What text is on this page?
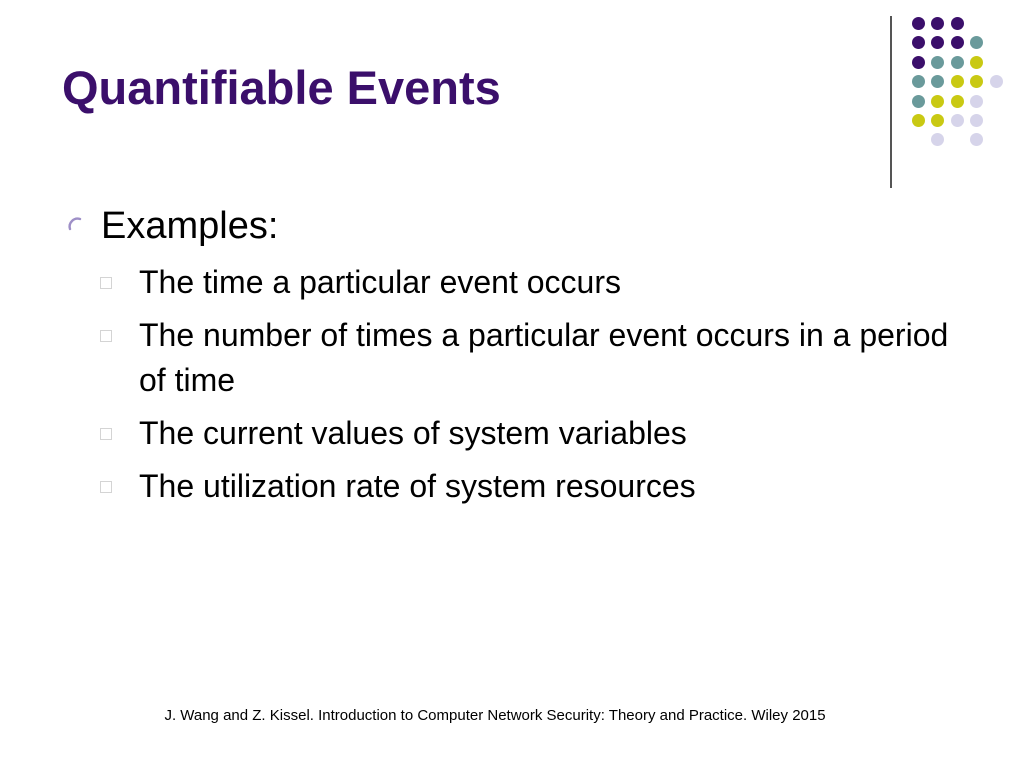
Quantifiable Events
Examples:
The time a particular event occurs
The number of times a particular event occurs in a period of time
The current values of system variables
The utilization rate of system resources
J. Wang and Z. Kissel. Introduction to Computer Network Security: Theory and Practice. Wiley 2015
